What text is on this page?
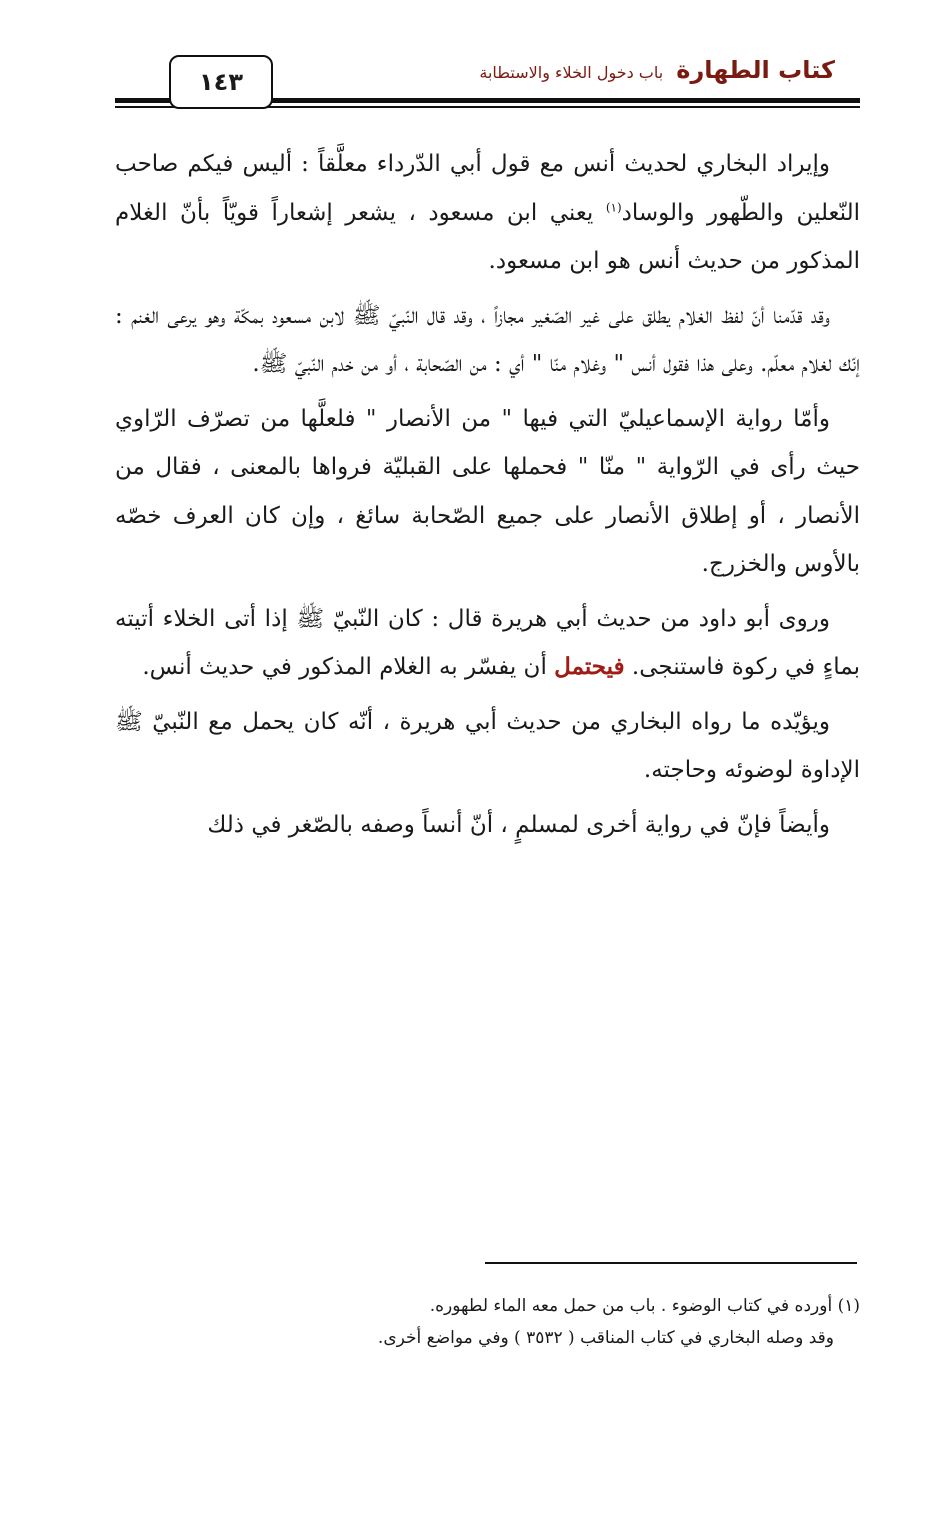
١٤٣	كتاب الطهارة باب دخول الخلاء والاستطابة

وإيراد البخاري لحديث أنس مع قول أبي الدّرداء معلَّقاً : أليس فيكم صاحب النّعلين والطّهور والوساد$^{(١)}$ يعني ابن مسعود ، يشعر إشعاراً قويّاً بأنّ الغلام المذكور من حديث أنس هو ابن مسعود.

وقد قدّمنا أنّ لفظ الغلام يطلق على غير الصّغير مجازاً ، وقد قال النّبيّ ﷺ لابن مسعود بمكّة وهو يرعى الغنم : إنّك لغلام معلّم. وعلى هذا فقول أنس " وغلام منّا " أي : من الصّحابة ، أو من خدم النّبيّ ﷺ.

وأمّا رواية الإسماعيليّ التي فيها " من الأنصار " فلعلَّها من تصرّف الرّاوي حيث رأى في الرّواية " منّا " فحملها على القبليّة فرواها بالمعنى ، فقال من الأنصار ، أو إطلاق الأنصار على جميع الصّحابة سائغ ، وإن كان العرف خصّه بالأوس والخزرج.

وروى أبو داود من حديث أبي هريرة قال : كان النّبيّ ﷺ إذا أتى الخلاء أتيته بماءٍ في ركوة فاستنجى. فيحتمل أن يفسّر به الغلام المذكور في حديث أنس.

ويؤيّده ما رواه البخاري من حديث أبي هريرة ، أنّه كان يحمل مع النّبيّ ﷺ الإداوة لوضوئه وحاجته.

وأيضاً فإنّ في رواية أخرى لمسلمٍ ، أنّ أنساً وصفه بالصّغر في ذلك

(١) أورده في كتاب الوضوء . باب من حمل معه الماء لطهوره.
وقد وصله البخاري في كتاب المناقب ( ٣٥٣٢ ) وفي مواضع أخرى.
